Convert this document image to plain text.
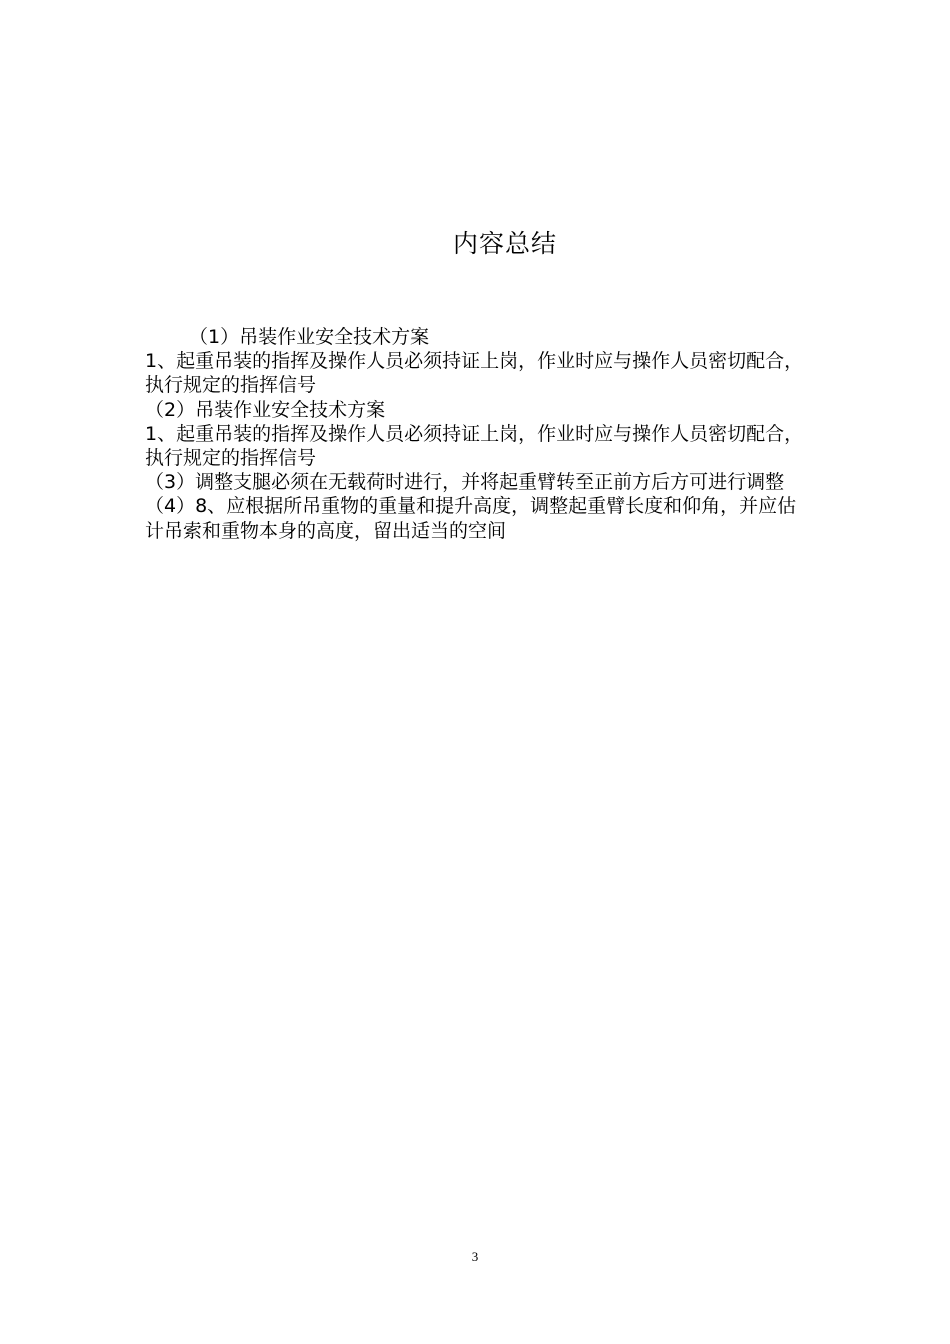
内容总结

（1）吊装作业安全技术方案

1、起重吊装的指挥及操作人员必须持证上岗，作业时应与操作人员密切配合，执行规定的指挥信号

（2）吊装作业安全技术方案

1、起重吊装的指挥及操作人员必须持证上岗，作业时应与操作人员密切配合，执行规定的指挥信号

（3）调整支腿必须在无载荷时进行，并将起重臂转至正前方后方可进行调整

（4）8、应根据所吊重物的重量和提升高度，调整起重臂长度和仰角，并应估计吊索和重物本身的高度，留出适当的空间

3
